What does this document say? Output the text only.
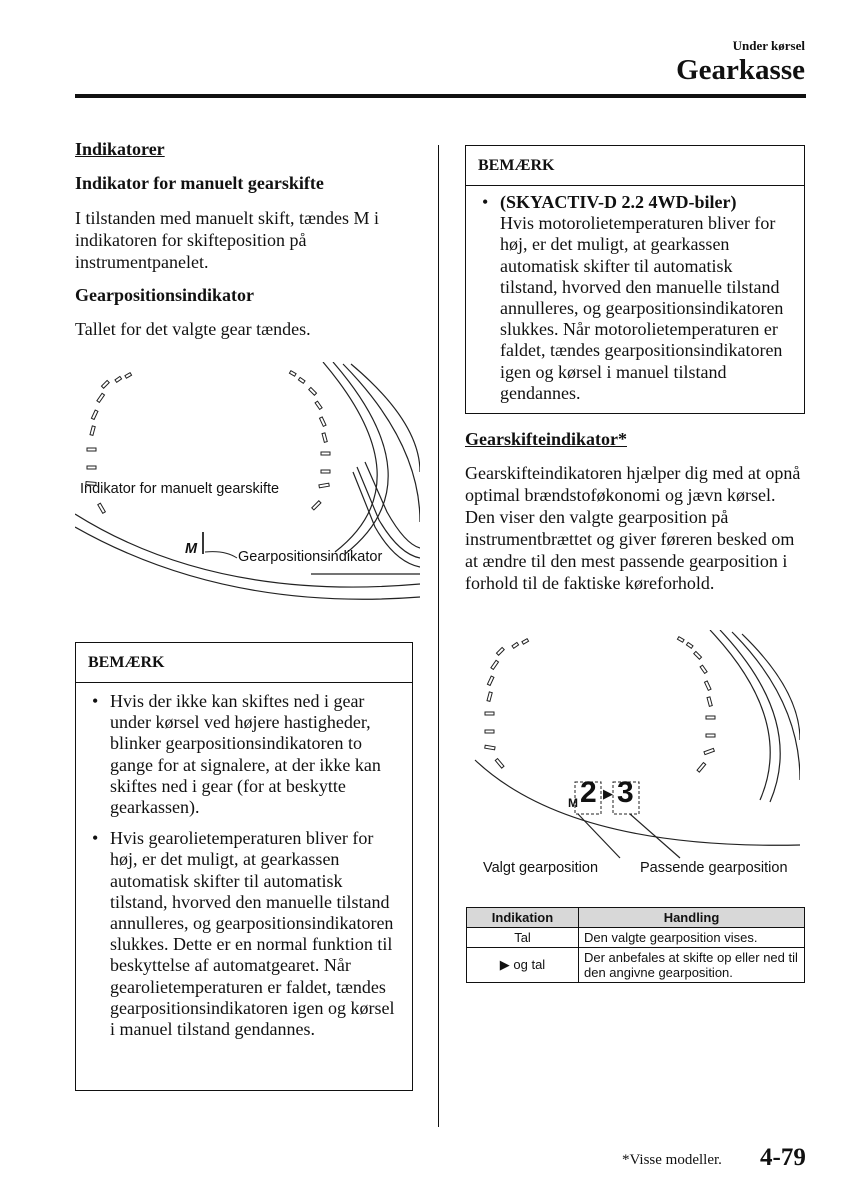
Under kørsel
Gearkasse
Indikatorer
Indikator for manuelt gearskifte
I tilstanden med manuelt skift, tændes M i indikatoren for skifteposition på instrumentpanelet.
Gearpositionsindikator
Tallet for det valgte gear tændes.
Indikator for manuelt gearskifte
M	Gearpositionsindikator
BEMÆRK
• Hvis der ikke kan skiftes ned i gear under kørsel ved højere hastigheder, blinker gearpositionsindikatoren to gange for at signalere, at der ikke kan skiftes ned i gear (for at beskytte gearkassen).
• Hvis gearolietemperaturen bliver for høj, er det muligt, at gearkassen automatisk skifter til automatisk tilstand, hvorved den manuelle tilstand annulleres, og gearpositionsindikatoren slukkes. Dette er en normal funktion til beskyttelse af automatgearet. Når gearolietemperaturen er faldet, tændes gearpositionsindikatoren igen og kørsel i manuel tilstand gendannes.
BEMÆRK
• (SKYACTIV-D 2.2 4WD-biler)
Hvis motorolietemperaturen bliver for høj, er det muligt, at gearkassen automatisk skifter til automatisk tilstand, hvorved den manuelle tilstand annulleres, og gearpositionsindikatoren slukkes. Når motorolietemperaturen er faldet, tændes gearpositionsindikatoren igen og kørsel i manuel tilstand gendannes.
Gearskifteindikator*
Gearskifteindikatoren hjælper dig med at opnå optimal brændstoføkonomi og jævn kørsel. Den viser den valgte gearposition på instrumentbrættet og giver føreren besked om at ændre til den mest passende gearposition i forhold til de faktiske køreforhold.
M 2 ▶ 3
Valgt gearposition	Passende gearposition
Indikation	Handling
Tal	Den valgte gearposition vises.
▶ og tal	Der anbefales at skifte op eller ned til den angivne gearposition.
*Visse modeller. 4-79
